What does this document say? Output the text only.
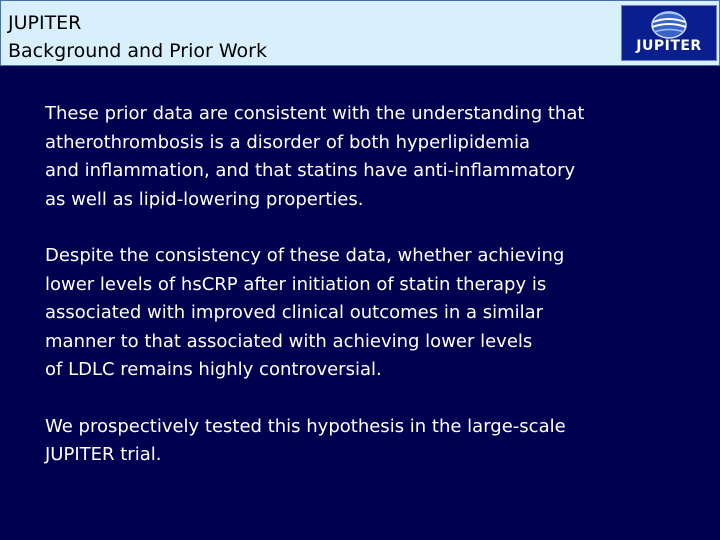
JUPITER
Background and Prior Work	JUPITER
These prior data are consistent with the understanding that
atherothrombosis is a disorder of both hyperlipidemia
and inflammation, and that statins have anti-inflammatory
as well as lipid-lowering properties.
Despite the consistency of these data, whether achieving
lower levels of hsCRP after initiation of statin therapy is
associated with improved clinical outcomes in a similar
manner to that associated with achieving lower levels
of LDLC remains highly controversial.
We prospectively tested this hypothesis in the large-scale
JUPITER trial.
